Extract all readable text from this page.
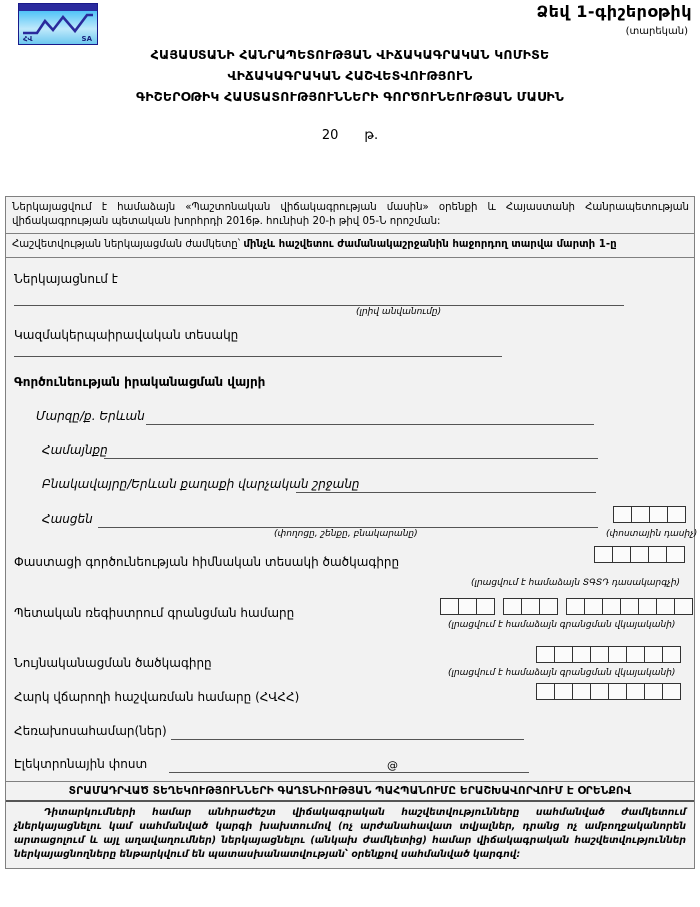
ՀՎ	SA
Ձեվ 1-գիշերօթիկ
(տարեկան)
ՀԱՅԱՍՏԱՆԻ ՀԱՆՐԱՊԵՏՈՒԹՅԱՆ ՎԻՃԱԿԱԳՐԱԿԱՆ ԿՈՄԻՏԵ
ՎԻՃԱԿԱԳՐԱԿԱՆ ՀԱՇՎԵՏՎՈՒԹՅՈՒՆ
ԳԻՇԵՐՕԹԻԿ ՀԱՍՏԱՏՈՒԹՅՈՒՆՆԵՐԻ ԳՈՐԾՈՒՆԵՈՒԹՅԱՆ ՄԱՍԻՆ
20 թ.
Ներկայացվում է համաձայն «Պաշտոնական վիճակագրության մասին» օրենքի և Հայաստանի Հանրապետության վիճակագրության պետական խորհրդի 2016թ. հունիսի 20-ի թիվ 05-Ն որոշման:
Հաշվետվության ներկայացման ժամկետը՝ մինչև հաշվետու ժամանակաշրջանին հաջորդող տարվա մարտի 1-ը
Ներկայացնում է
(լրիվ անվանումը)
Կազմակերպաիրավական տեսակը
Գործունեության իրականացման վայրի
Մարզը/ք. Երևան
Համայնքը
Բնակավայրը/Երևան քաղաքի վարչական շրջանը
Հասցեն
(փողոցը, շենքը, բնակարանը)	(փոստային դասիչ)
Փաստացի գործունեության հիմնական տեսակի ծածկագիրը
(լրացվում է համաձայն ՏԳՏԴ դասակարգչի)
Պետական ռեգիստրում գրանցման համարը
(լրացվում է համաձայն գրանցման վկայականի)
Նույնականացման ծածկագիրը
(լրացվում է համաձայն գրանցման վկայականի)
Հարկ վճարողի հաշվառման համարը (ՀՎՀՀ)
Հեռախոսահամար(ներ)
Էլեկտրոնային փոստ	@
ՏՐԱՄԱԴՐՎԱԾ ՏԵՂԵԿՈՒԹՅՈՒՆՆԵՐԻ ԳԱՂՏՆԻՈՒԹՅԱՆ ՊԱՀՊԱՆՈՒՄԸ ԵՐԱՇԽԱՎՈՐՎՈՒՄ Է ՕՐԵՆՔՈՎ
Դիտարկումների համար անհրաժեշտ վիճակագրական հաշվետվությունները սահմանված ժամկետում չներկայացնելու կամ սահմանված կարգի խախտումով (ոչ արժանահավատ տվյալներ, դրանց ոչ ամբողջականորեն արտացոլում և այլ աղավաղումներ) ներկայացնելու (անկախ ժամկետից) համար վիճակագրական հաշվետվություններ ներկայացնողները ենթարկվում են պատասխանատվության՝ օրենքով սահմանված կարգով:
